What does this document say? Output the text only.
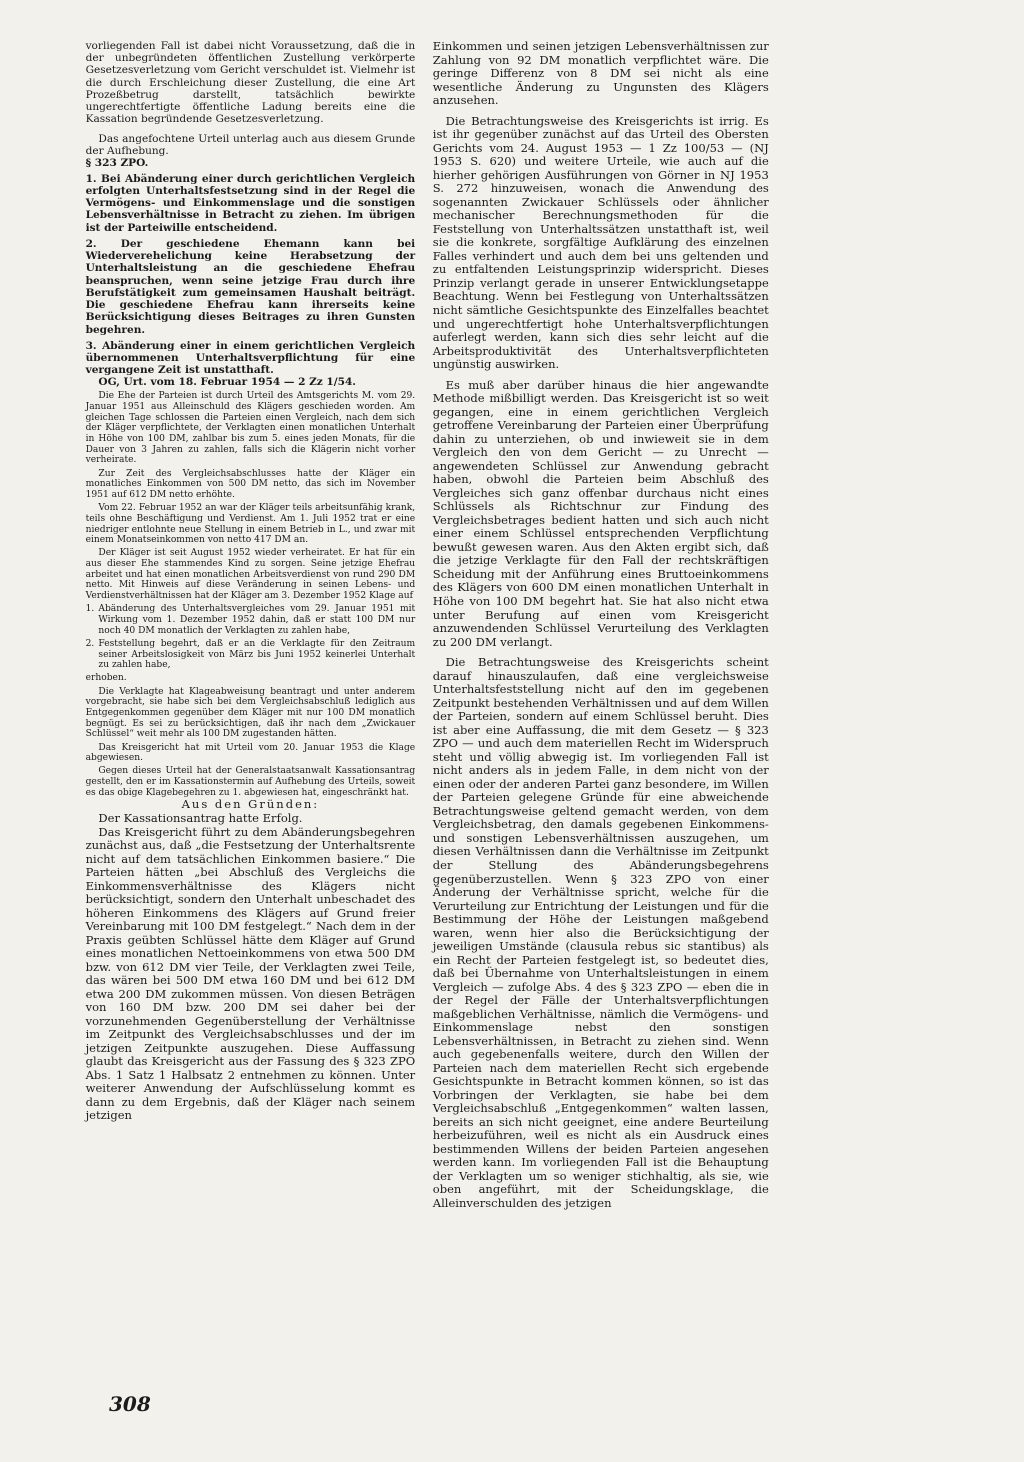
vorliegenden Fall ist dabei nicht Voraussetzung, daß die in der unbegründeten öffentlichen Zustellung verkörperte Gesetzesverletzung vom Gericht verschuldet ist. Vielmehr ist die durch Erschleichung dieser Zustellung, die eine Art Prozeßbetrug darstellt, tatsächlich bewirkte ungerechtfertigte öffentliche Ladung bereits eine die Kassation begründende Gesetzesverletzung.

Das angefochtene Urteil unterlag auch aus diesem Grunde der Aufhebung.

§ 323 ZPO.

1. Bei Abänderung einer durch gerichtlichen Vergleich erfolgten Unterhaltsfestsetzung sind in der Regel die Vermögens- und Einkommenslage und die sonstigen Lebensverhältnisse in Betracht zu ziehen. Im übrigen ist der Parteiwille entscheidend.

2. Der geschiedene Ehemann kann bei Wiederverehelichung keine Herabsetzung der Unterhaltsleistung an die geschiedene Ehefrau beanspruchen, wenn seine jetzige Frau durch ihre Berufstätigkeit zum gemeinsamen Haushalt beiträgt. Die geschiedene Ehefrau kann ihrerseits keine Berücksichtigung dieses Beitrages zu ihren Gunsten begehren.

3. Abänderung einer in einem gerichtlichen Vergleich übernommenen Unterhaltsverpflichtung für eine vergangene Zeit ist unstatthaft.

OG, Urt. vom 18. Februar 1954 — 2 Zz 1/54.

Die Ehe der Parteien ist durch Urteil des Amtsgerichts M. vom 29. Januar 1951 aus Alleinschuld des Klägers geschieden worden. Am gleichen Tage schlossen die Parteien einen Vergleich, nach dem sich der Kläger verpflichtete, der Verklagten einen monatlichen Unterhalt in Höhe von 100 DM, zahlbar bis zum 5. eines jeden Monats, für die Dauer von 3 Jahren zu zahlen, falls sich die Klägerin nicht vorher verheirate.

Zur Zeit des Vergleichsabschlusses hatte der Kläger ein monatliches Einkommen von 500 DM netto, das sich im November 1951 auf 612 DM netto erhöhte.

Vom 22. Februar 1952 an war der Kläger teils arbeitsunfähig krank, teils ohne Beschäftigung und Verdienst. Am 1. Juli 1952 trat er eine niedriger entlohnte neue Stellung in einem Betrieb in L., und zwar mit einem Monatseinkommen von netto 417 DM an.

Der Kläger ist seit August 1952 wieder verheiratet. Er hat für ein aus dieser Ehe stammendes Kind zu sorgen. Seine jetzige Ehefrau arbeitet und hat einen monatlichen Arbeitsverdienst von rund 290 DM netto. Mit Hinweis auf diese Veränderung in seinen Lebens- und Verdienstverhältnissen hat der Kläger am 3. Dezember 1952 Klage auf

1. Abänderung des Unterhaltsvergleiches vom 29. Januar 1951 mit Wirkung vom 1. Dezember 1952 dahin, daß er statt 100 DM nur noch 40 DM monatlich der Verklagten zu zahlen habe,

2. Feststellung begehrt, daß er an die Verklagte für den Zeitraum seiner Arbeitslosigkeit von März bis Juni 1952 keinerlei Unterhalt zu zahlen habe,

erhoben.

Die Verklagte hat Klageabweisung beantragt und unter anderem vorgebracht, sie habe sich bei dem Vergleichsabschluß lediglich aus Entgegenkommen gegenüber dem Kläger mit nur 100 DM monatlich begnügt. Es sei zu berücksichtigen, daß ihr nach dem „Zwickauer Schlüssel“ weit mehr als 100 DM zugestanden hätten.

Das Kreisgericht hat mit Urteil vom 20. Januar 1953 die Klage abgewiesen.

Gegen dieses Urteil hat der Generalstaatsanwalt Kassationsantrag gestellt, den er im Kassationstermin auf Aufhebung des Urteils, soweit es das obige Klagebegehren zu 1. abgewiesen hat, eingeschränkt hat.

Aus den Gründen:

Der Kassationsantrag hatte Erfolg.

Das Kreisgericht führt zu dem Abänderungsbegehren zunächst aus, daß „die Festsetzung der Unterhaltsrente nicht auf dem tatsächlichen Einkommen basiere.“ Die Parteien hätten „bei Abschluß des Vergleichs die Einkommensverhältnisse des Klägers nicht berücksichtigt, sondern den Unterhalt unbeschadet des höheren Einkommens des Klägers auf Grund freier Vereinbarung mit 100 DM festgelegt.“ Nach dem in der Praxis geübten Schlüssel hätte dem Kläger auf Grund eines monatlichen Nettoeinkommens von etwa 500 DM bzw. von 612 DM vier Teile, der Verklagten zwei Teile, das wären bei 500 DM etwa 160 DM und bei 612 DM etwa 200 DM zukommen müssen. Von diesen Beträgen von 160 DM bzw. 200 DM sei daher bei der vorzunehmenden Gegenüberstellung der Verhältnisse im Zeitpunkt des Vergleichsabschlusses und der im jetzigen Zeitpunkte auszugehen. Diese Auffassung glaubt das Kreisgericht aus der Fassung des § 323 ZPO Abs. 1 Satz 1 Halbsatz 2 entnehmen zu können. Unter weiterer Anwendung der Aufschlüsselung kommt es dann zu dem Ergebnis, daß der Kläger nach seinem jetzigen

Einkommen und seinen jetzigen Lebensverhältnissen zur Zahlung von 92 DM monatlich verpflichtet wäre. Die geringe Differenz von 8 DM sei nicht als eine wesentliche Änderung zu Ungunsten des Klägers anzusehen.

Die Betrachtungsweise des Kreisgerichts ist irrig. Es ist ihr gegenüber zunächst auf das Urteil des Obersten Gerichts vom 24. August 1953 — 1 Zz 100/53 — (NJ 1953 S. 620) und weitere Urteile, wie auch auf die hierher gehörigen Ausführungen von Görner in NJ 1953 S. 272 hinzuweisen, wonach die Anwendung des sogenannten Zwickauer Schlüssels oder ähnlicher mechanischer Berechnungsmethoden für die Feststellung von Unterhaltssätzen unstatthaft ist, weil sie die konkrete, sorgfältige Aufklärung des einzelnen Falles verhindert und auch dem bei uns geltenden und zu entfaltenden Leistungsprinzip widerspricht. Dieses Prinzip verlangt gerade in unserer Entwicklungsetappe Beachtung. Wenn bei Festlegung von Unterhaltssätzen nicht sämtliche Gesichtspunkte des Einzelfalles beachtet und ungerechtfertigt hohe Unterhaltsverpflichtungen auferlegt werden, kann sich dies sehr leicht auf die Arbeitsproduktivität des Unterhaltsverpflichteten ungünstig auswirken.

Es muß aber darüber hinaus die hier angewandte Methode mißbilligt werden. Das Kreisgericht ist so weit gegangen, eine in einem gerichtlichen Vergleich getroffene Vereinbarung der Parteien einer Überprüfung dahin zu unterziehen, ob und inwieweit sie in dem Vergleich den von dem Gericht — zu Unrecht — angewendeten Schlüssel zur Anwendung gebracht haben, obwohl die Parteien beim Abschluß des Vergleiches sich ganz offenbar durchaus nicht eines Schlüssels als Richtschnur zur Findung des Vergleichsbetrages bedient hatten und sich auch nicht einer einem Schlüssel entsprechenden Verpflichtung bewußt gewesen waren. Aus den Akten ergibt sich, daß die jetzige Verklagte für den Fall der rechtskräftigen Scheidung mit der Anführung eines Bruttoeinkommens des Klägers von 600 DM einen monatlichen Unterhalt in Höhe von 100 DM begehrt hat. Sie hat also nicht etwa unter Berufung auf einen vom Kreisgericht anzuwendenden Schlüssel Verurteilung des Verklagten zu 200 DM verlangt.

Die Betrachtungsweise des Kreisgerichts scheint darauf hinauszulaufen, daß eine vergleichsweise Unterhaltsfeststellung nicht auf den im gegebenen Zeitpunkt bestehenden Verhältnissen und auf dem Willen der Parteien, sondern auf einem Schlüssel beruht. Dies ist aber eine Auffassung, die mit dem Gesetz — § 323 ZPO — und auch dem materiellen Recht im Widerspruch steht und völlig abwegig ist. Im vorliegenden Fall ist nicht anders als in jedem Falle, in dem nicht von der einen oder der anderen Partei ganz besondere, im Willen der Parteien gelegene Gründe für eine abweichende Betrachtungsweise geltend gemacht werden, von dem Vergleichsbetrag, den damals gegebenen Einkommens- und sonstigen Lebensverhältnissen auszugehen, um diesen Verhältnissen dann die Verhältnisse im Zeitpunkt der Stellung des Abänderungsbegehrens gegenüberzustellen. Wenn § 323 ZPO von einer Änderung der Verhältnisse spricht, welche für die Verurteilung zur Entrichtung der Leistungen und für die Bestimmung der Höhe der Leistungen maßgebend waren, wenn hier also die Berücksichtigung der jeweiligen Umstände (clausula rebus sic stantibus) als ein Recht der Parteien festgelegt ist, so bedeutet dies, daß bei Übernahme von Unterhaltsleistungen in einem Vergleich — zufolge Abs. 4 des § 323 ZPO — eben die in der Regel der Fälle der Unterhaltsverpflichtungen maßgeblichen Verhältnisse, nämlich die Vermögens- und Einkommenslage nebst den sonstigen Lebensverhältnissen, in Betracht zu ziehen sind. Wenn auch gegebenenfalls weitere, durch den Willen der Parteien nach dem materiellen Recht sich ergebende Gesichtspunkte in Betracht kommen können, so ist das Vorbringen der Verklagten, sie habe bei dem Vergleichsabschluß „Entgegenkommen“ walten lassen, bereits an sich nicht geeignet, eine andere Beurteilung herbeizuführen, weil es nicht als ein Ausdruck eines bestimmenden Willens der beiden Parteien angesehen werden kann. Im vorliegenden Fall ist die Behauptung der Verklagten um so weniger stichhaltig, als sie, wie oben angeführt, mit der Scheidungsklage, die Alleinverschulden des jetzigen

308
